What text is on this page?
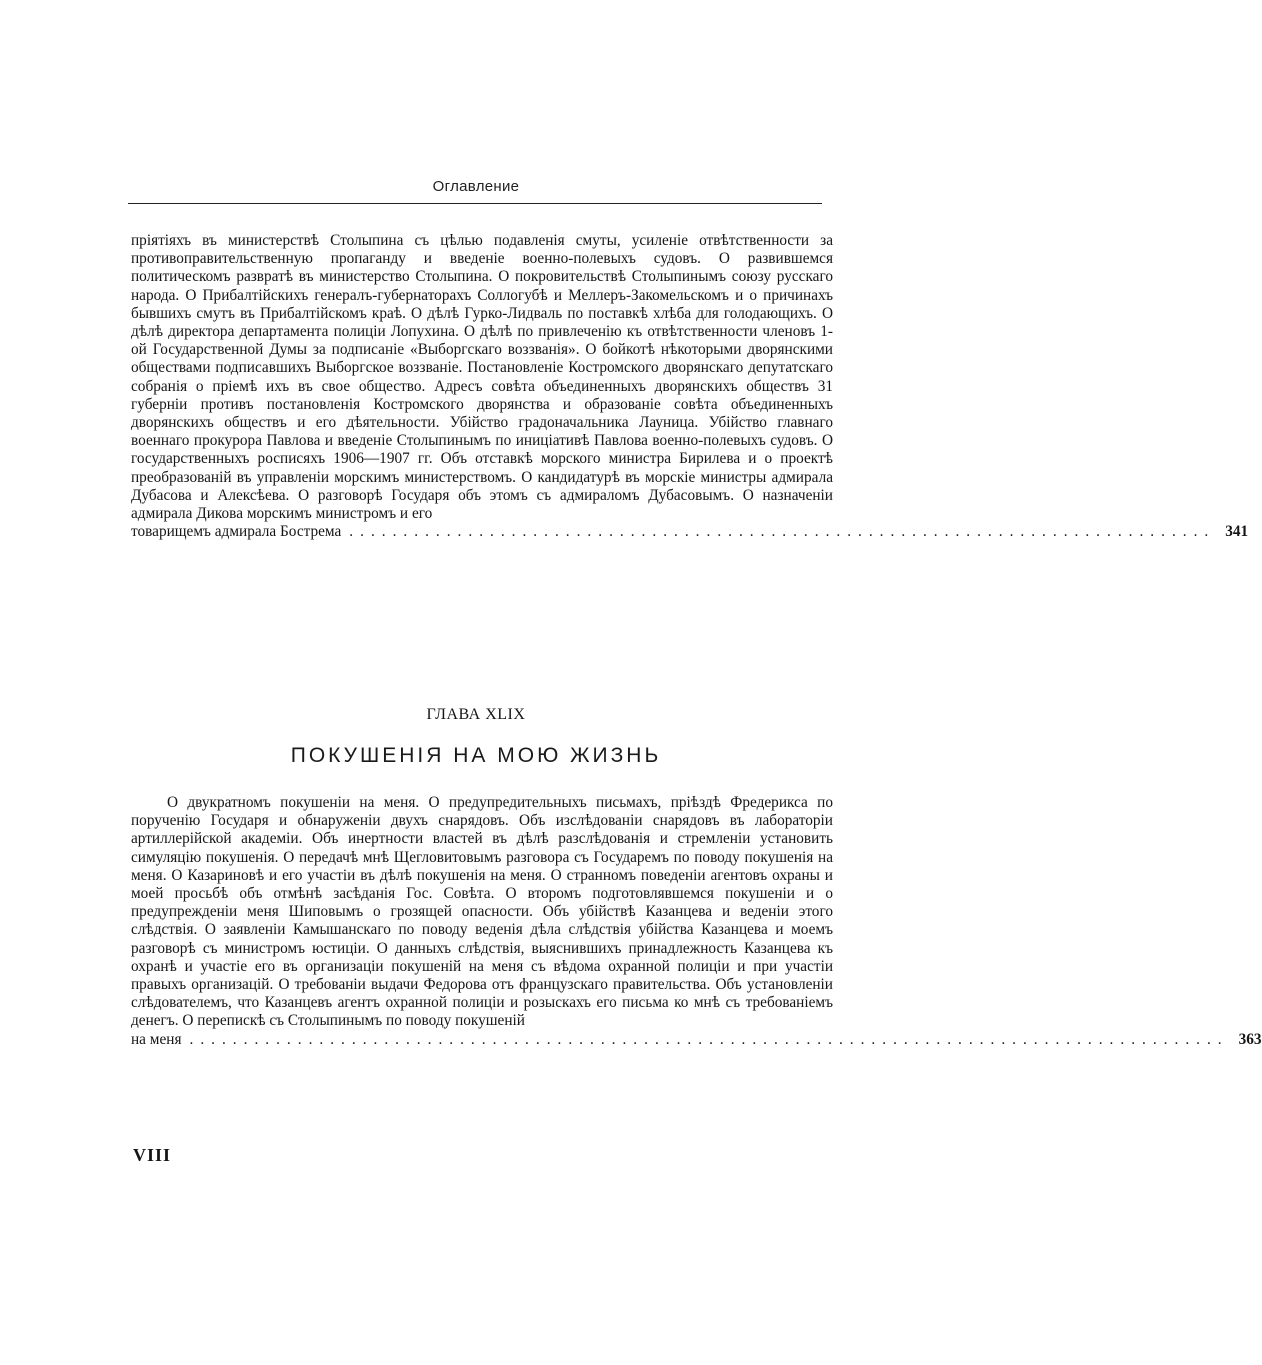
Оглавление
пріятіяхъ въ министерствѣ Столыпина съ цѣлью подавленія смуты, усиленіе отвѣтственности за противоправительственную пропаганду и введеніе военно-полевыхъ судовъ. О развившемся политическомъ развратѣ въ министерство Столыпина. О покровительствѣ Столыпинымъ союзу русскаго народа. О Прибалтійскихъ генералъ-губернаторахъ Соллогубѣ и Меллеръ-Закомельскомъ и о причинахъ бывшихъ смутъ въ Прибалтійскомъ краѣ. О дѣлѣ Гурко-Лидваль по поставкѣ хлѣба для голодающихъ. О дѣлѣ директора департамента полиціи Лопухина. О дѣлѣ по привлеченію къ отвѣтственности членовъ 1-ой Государственной Думы за подписаніе «Выборгскаго воззванія». О бойкотѣ нѣкоторыми дворянскими обществами подписавшихъ Выборгское воззваніе. Постановленіе Костромского дворянскаго депутатскаго собранія о пріемѣ ихъ въ свое общество. Адресъ совѣта объединенныхъ дворянскихъ обществъ 31 губерніи противъ постановленія Костромского дворянства и образованіе совѣта объединенныхъ дворянскихъ обществъ и его дѣятельности. Убійство градоначальника Лауница. Убійство главнаго военнаго прокурора Павлова и введеніе Столыпинымъ по иниціативѣ Павлова военно-полевыхъ судовъ. О государственныхъ росписяхъ 1906—1907 гг. Объ отставкѣ морского министра Бирилева и о проектѣ преобразованій въ управленіи морскимъ министерствомъ. О кандидатурѣ въ морскіе министры адмирала Дубасова и Алексѣева. О разговорѣ Государя объ этомъ съ адмираломъ Дубасовымъ. О назначеніи адмирала Дикова морскимъ министромъ и его
товарищемъ адмирала Бострема ................................................................................ 341
ГЛАВА XLIX
ПОКУШЕНІЯ НА МОЮ ЖИЗНЬ
О двукратномъ покушеніи на меня. О предупредительныхъ письмахъ, пріѣздѣ Фредерикса по порученію Государя и обнаруженіи двухъ снарядовъ. Объ изслѣдованіи снарядовъ въ лабораторіи артиллерійской академіи. Объ инертности властей въ дѣлѣ разслѣдованія и стремленіи установить симуляцію покушенія. О передачѣ мнѣ Щегловитовымъ разговора съ Государемъ по поводу покушенія на меня. О Казариновѣ и его участіи въ дѣлѣ покушенія на меня. О странномъ поведеніи агентовъ охраны и моей просьбѣ объ отмѣнѣ засѣданія Гос. Совѣта. О второмъ подготовлявшемся покушеніи и о предупрежденіи меня Шиповымъ о грозящей опасности. Объ убійствѣ Казанцева и веденіи этого слѣдствія. О заявленіи Камышанскаго по поводу веденія дѣла слѣдствія убійства Казанцева и моемъ разговорѣ съ министромъ юстиціи. О данныхъ слѣдствія, выяснившихъ принадлежность Казанцева къ охранѣ и участіе его въ организаціи покушеній на меня съ вѣдома охранной полиціи и при участіи правыхъ организацій. О требованіи выдачи Федорова отъ французскаго правительства. Объ установленіи слѣдователемъ, что Казанцевъ агентъ охранной полиціи и розыскахъ его письма ко мнѣ съ требованіемъ денегъ. О перепискѣ съ Столыпинымъ по поводу покушеній
на меня ................................................................................................ 363
VIII
